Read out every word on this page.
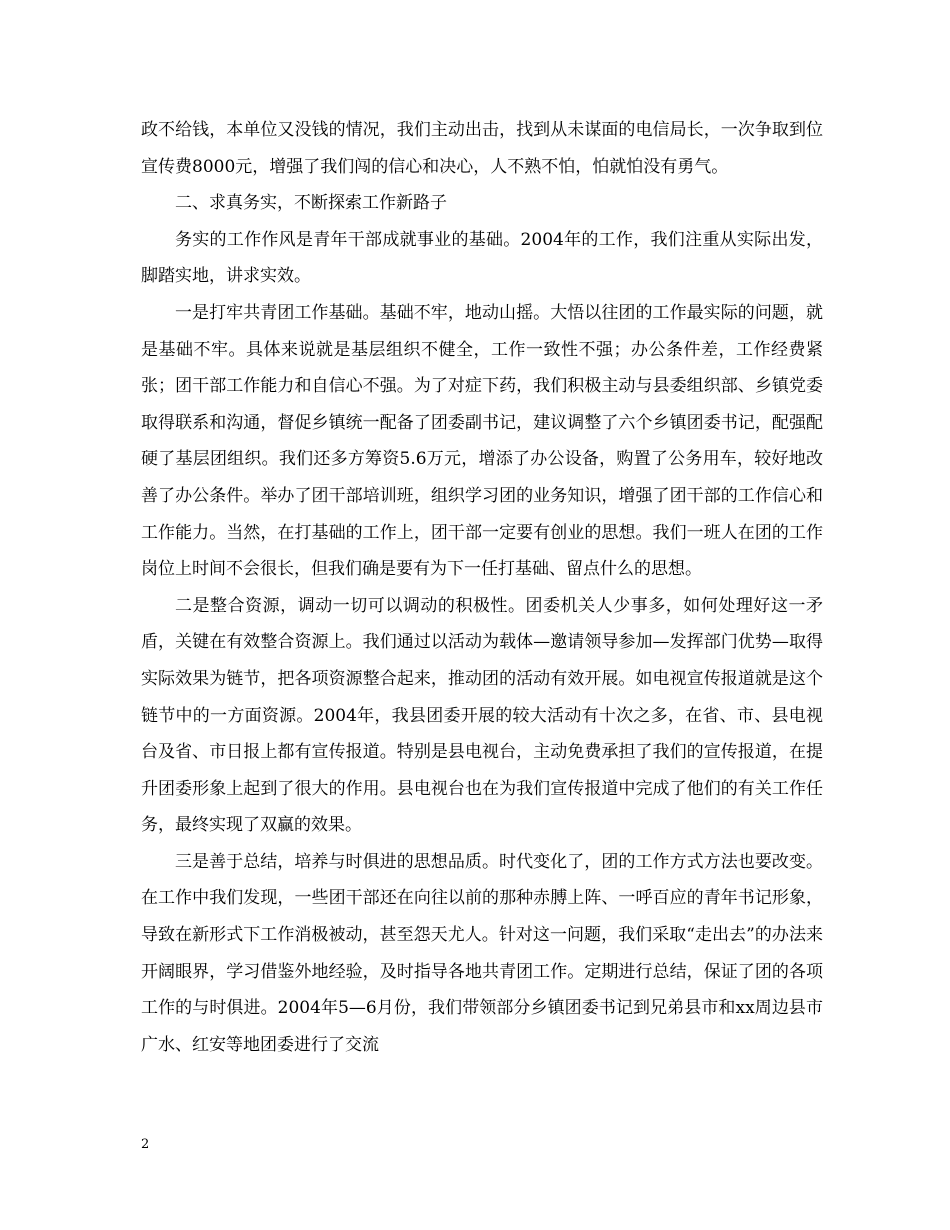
政不给钱，本单位又没钱的情况，我们主动出击，找到从未谋面的电信局长，一次争取到位宣传费8000元，增强了我们闯的信心和决心，人不熟不怕，怕就怕没有勇气。

二、求真务实，不断探索工作新路子

务实的工作作风是青年干部成就事业的基础。2004年的工作，我们注重从实际出发，脚踏实地，讲求实效。

一是打牢共青团工作基础。基础不牢，地动山摇。大悟以往团的工作最实际的问题，就是基础不牢。具体来说就是基层组织不健全，工作一致性不强；办公条件差，工作经费紧张；团干部工作能力和自信心不强。为了对症下药，我们积极主动与县委组织部、乡镇党委取得联系和沟通，督促乡镇统一配备了团委副书记，建议调整了六个乡镇团委书记，配强配硬了基层团组织。我们还多方筹资5.6万元，增添了办公设备，购置了公务用车，较好地改善了办公条件。举办了团干部培训班，组织学习团的业务知识，增强了团干部的工作信心和工作能力。当然，在打基础的工作上，团干部一定要有创业的思想。我们一班人在团的工作岗位上时间不会很长，但我们确是要有为下一任打基础、留点什么的思想。

二是整合资源，调动一切可以调动的积极性。团委机关人少事多，如何处理好这一矛盾，关键在有效整合资源上。我们通过以活动为载体—邀请领导参加—发挥部门优势—取得实际效果为链节，把各项资源整合起来，推动团的活动有效开展。如电视宣传报道就是这个链节中的一方面资源。2004年，我县团委开展的较大活动有十次之多，在省、市、县电视台及省、市日报上都有宣传报道。特别是县电视台，主动免费承担了我们的宣传报道，在提升团委形象上起到了很大的作用。县电视台也在为我们宣传报道中完成了他们的有关工作任务，最终实现了双赢的效果。

三是善于总结，培养与时俱进的思想品质。时代变化了，团的工作方式方法也要改变。在工作中我们发现，一些团干部还在向往以前的那种赤膊上阵、一呼百应的青年书记形象，导致在新形式下工作消极被动，甚至怨天尤人。针对这一问题，我们采取“走出去”的办法来开阔眼界，学习借鉴外地经验，及时指导各地共青团工作。定期进行总结，保证了团的各项工作的与时俱进。2004年5—6月份，我们带领部分乡镇团委书记到兄弟县市和xx周边县市广水、红安等地团委进行了交流

2
